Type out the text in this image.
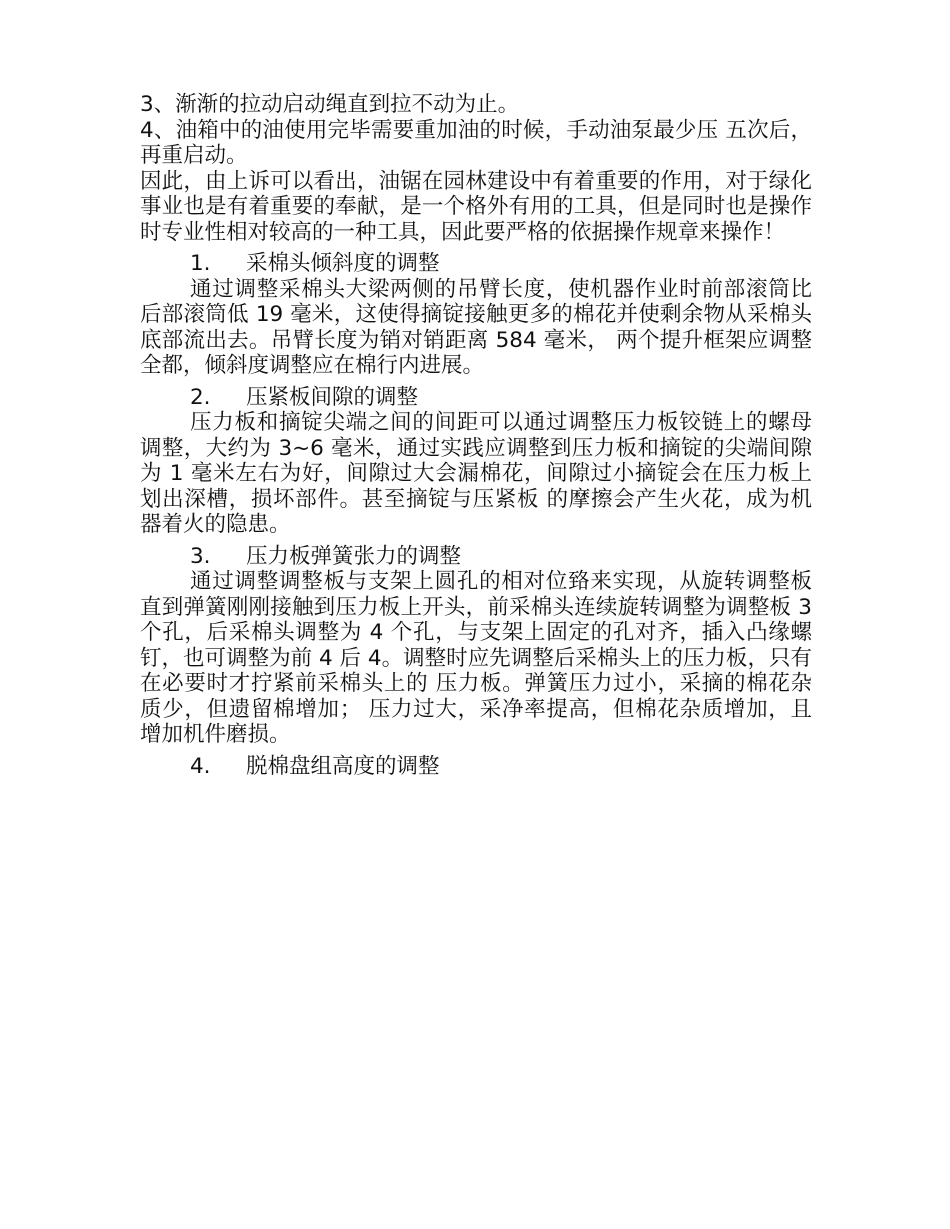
3、渐渐的拉动启动绳直到拉不动为止。

4、油箱中的油使用完毕需要重加油的时候，手动油泵最少压 五次后，再重启动。

因此，由上诉可以看出，油锯在园林建设中有着重要的作用，对于绿化事业也是有着重要的奉献，是一个格外有用的工具，但是同时也是操作时专业性相对较高的一种工具，因此要严格的依据操作规章来操作！

1.	采棉头倾斜度的调整

通过调整采棉头大梁两侧的吊臂长度，使机器作业时前部滚筒比后部滚筒低 19 毫米，这使得摘锭接触更多的棉花并使剩余物从采棉头底部流出去。吊臂长度为销对销距离 584 毫米， 两个提升框架应调整全都，倾斜度调整应在棉行内进展。

2.	压紧板间隙的调整

压力板和摘锭尖端之间的间距可以通过调整压力板铰链上的螺母调整，大约为 3~6 毫米，通过实践应调整到压力板和摘锭的尖端间隙为 1 毫米左右为好，间隙过大会漏棉花，间隙过小摘锭会在压力板上划出深槽，损坏部件。甚至摘锭与压紧板 的摩擦会产生火花，成为机器着火的隐患。

3.	压力板弹簧张力的调整

通过调整调整板与支架上圆孔的相对位臵来实现，从旋转调整板直到弹簧刚刚接触到压力板上开头，前采棉头连续旋转调整为调整板 3 个孔，后采棉头调整为 4 个孔，与支架上固定的孔对齐，插入凸缘螺钉，也可调整为前 4 后 4。调整时应先调整后采棉头上的压力板，只有在必要时才拧紧前采棉头上的 压力板。弹簧压力过小，采摘的棉花杂质少，但遗留棉增加； 压力过大，采净率提高，但棉花杂质增加，且增加机件磨损。

4.	脱棉盘组高度的调整
